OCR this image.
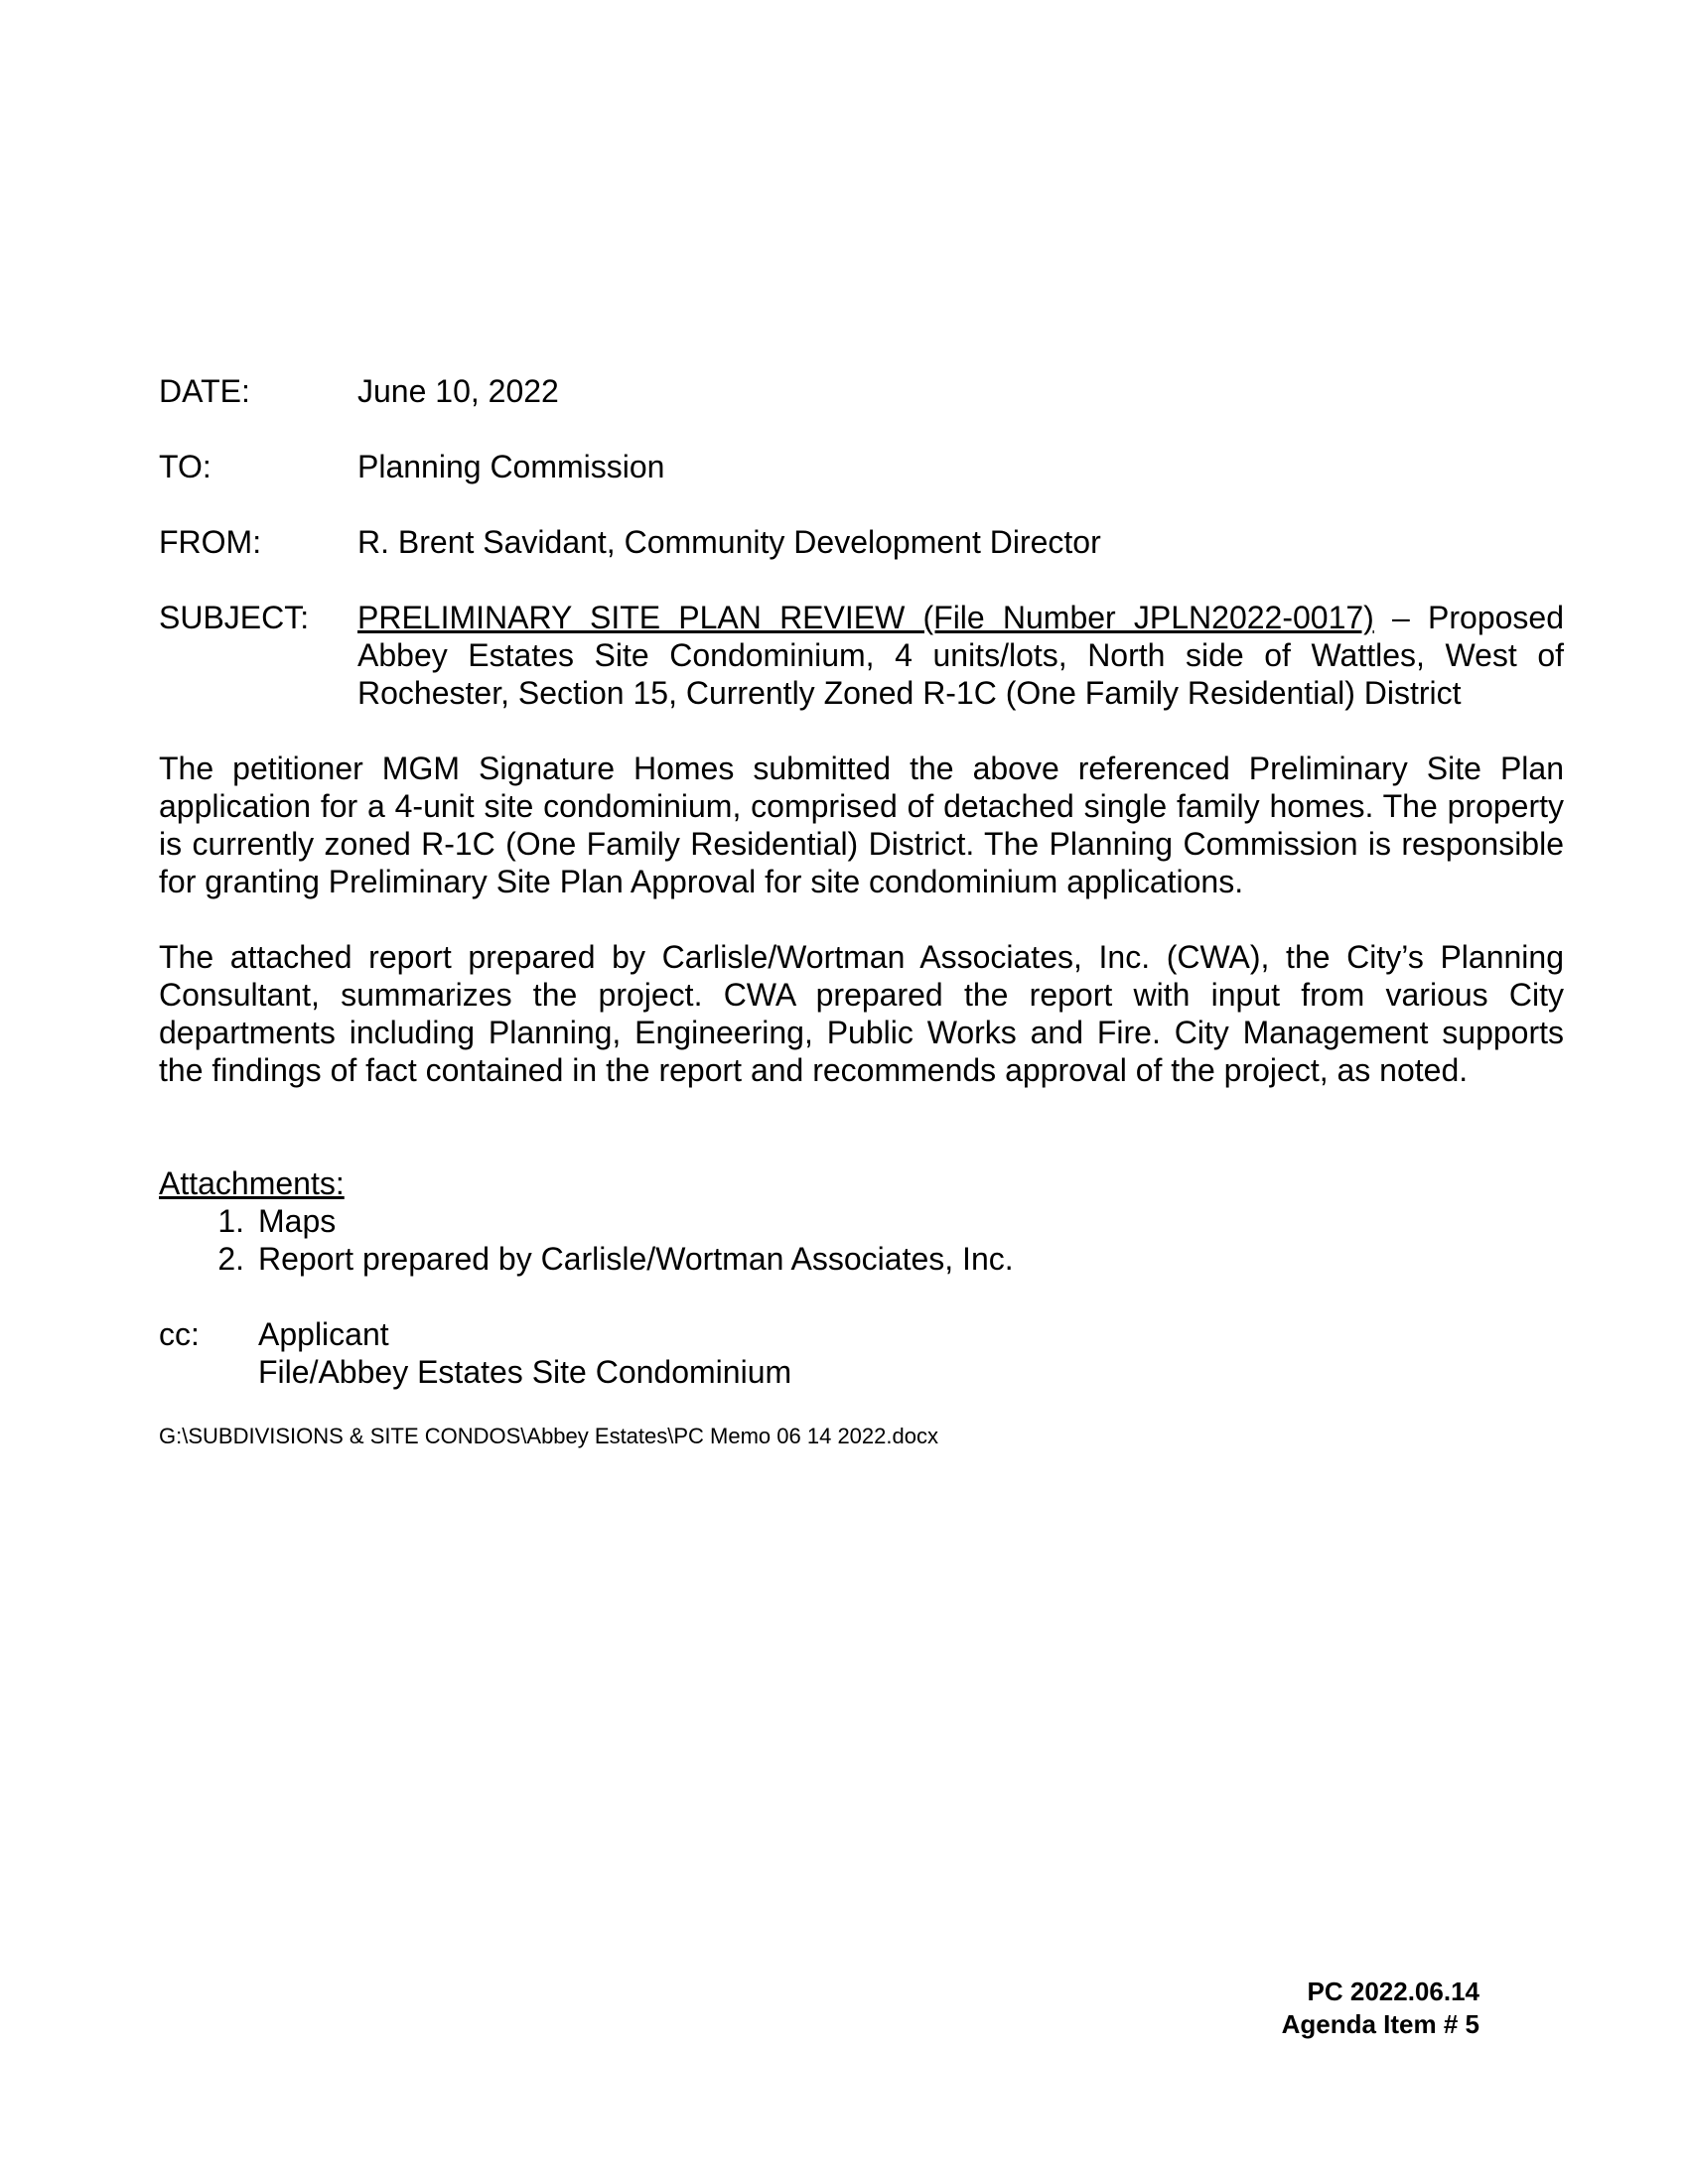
DATE:	June 10, 2022
TO:	Planning Commission
FROM:	R. Brent Savidant, Community Development Director
SUBJECT:	PRELIMINARY SITE PLAN REVIEW (File Number JPLN2022-0017) – Proposed Abbey Estates Site Condominium, 4 units/lots, North side of Wattles, West of Rochester, Section 15, Currently Zoned R-1C (One Family Residential) District

The petitioner MGM Signature Homes submitted the above referenced Preliminary Site Plan application for a 4-unit site condominium, comprised of detached single family homes. The property is currently zoned R-1C (One Family Residential) District. The Planning Commission is responsible for granting Preliminary Site Plan Approval for site condominium applications.

The attached report prepared by Carlisle/Wortman Associates, Inc. (CWA), the City’s Planning Consultant, summarizes the project. CWA prepared the report with input from various City departments including Planning, Engineering, Public Works and Fire. City Management supports the findings of fact contained in the report and recommends approval of the project, as noted.

Attachments:
1. Maps
2. Report prepared by Carlisle/Wortman Associates, Inc.
cc:	Applicant
File/Abbey Estates Site Condominium
G:\SUBDIVISIONS & SITE CONDOS\Abbey Estates\PC Memo 06 14 2022.docx
PC 2022.06.14
Agenda Item # 5
